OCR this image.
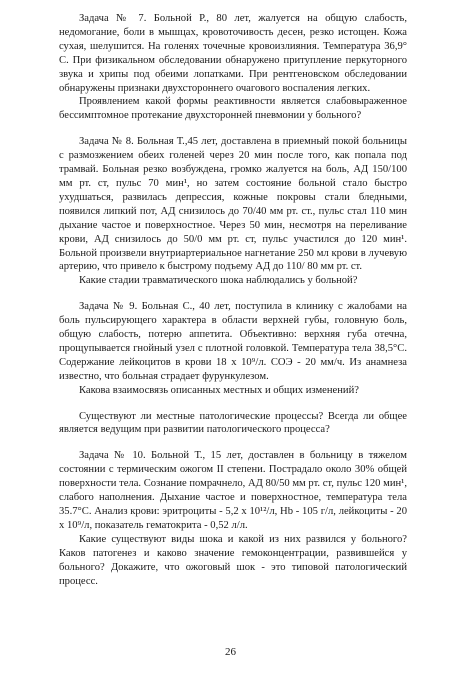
Задача № 7. Больной Р., 80 лет, жалуется на общую слабость, недомогание, боли в мышцах, кровоточивость десен, резко истощен. Кожа сухая, шелушится. На голенях точечные кровоизлияния. Температура 36,9° С. При физикальном обследовании обнаружено притупление перкуторного звука и хрипы под обеими лопатками. При рентгеновском обследовании обнаружены признаки двухстороннего очагового воспаления легких.

Проявлением какой формы реактивности является слабовыраженное бессимптомное протекание двухсторонней пневмонии у больного?

Задача № 8. Больная Т.,45 лет, доставлена в приемный покой больницы с размозжением обеих голеней через 20 мин после того, как попала под трамвай. Больная резко возбуждена, громко жалуется на боль, АД 150/100 мм рт. ст, пульс 70 мин¹, но затем состояние больной стало быстро ухудшаться, развилась депрессия, кожные покровы стали бледными, появился липкий пот, АД снизилось до 70/40 мм рт. ст., пульс стал 110 мин дыхание частое и поверхностное. Через 50 мин, несмотря на переливание крови, АД снизилось до 50/0 мм рт. ст, пульс участился до 120 мин¹. Больной произвели внутриартериальное нагнетание 250 мл крови в лучевую артерию, что привело к быстрому подъему АД до 110/ 80 мм рт. ст.

Какие стадии травматического шока наблюдались у больной?

Задача № 9. Больная С., 40 лет, поступила в клинику с жалобами на боль пульсирующего характера в области верхней губы, головную боль, общую слабость, потерю аппетита. Объективно: верхняя губа отечна, прощупывается гнойный узел с плотной головкой. Температура тела 38,5°С. Содержание лейкоцитов в крови 18 х 10⁹/л. СОЭ - 20 мм/ч. Из анамнеза известно, что больная страдает фурункулезом.

Какова взаимосвязь описанных местных и общих изменений?

Существуют ли местные патологические процессы? Всегда ли общее является ведущим при развитии патологического процесса?

Задача № 10. Больной Т., 15 лет, доставлен в больницу в тяжелом состоянии с термическим ожогом II степени. Пострадало около 30% общей поверхности тела. Сознание помрачнело, АД 80/50 мм рт. ст, пульс 120 мин¹, слабого наполнения. Дыхание частое и поверхностное, температура тела 35.7°С. Анализ крови: эритроциты - 5,2 х 10¹²/л, Hb - 105 г/л, лейкоциты - 20 х 10⁹/л, показатель гематокрита - 0,52 л/л.

Какие существуют виды шока и какой из них развился у больного? Каков патогенез и каково значение гемоконцентрации, развившейся у больного? Докажите, что ожоговый шок - это типовой патологический процесс.

26
